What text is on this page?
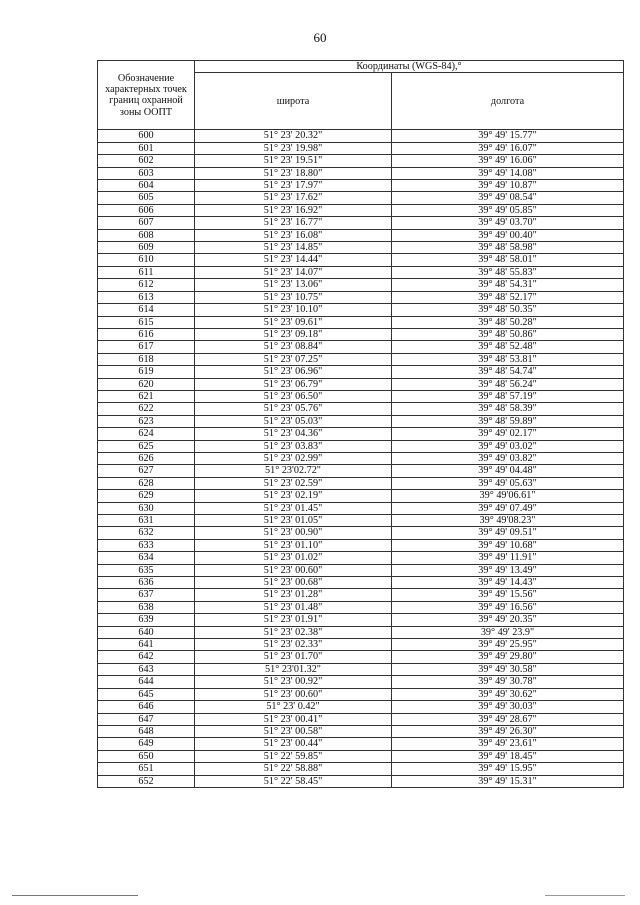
60
Обозначение характерных точек границ охранной зоны ООПТ	Координаты (WGS-84),°	
	широта	долгота
600	51° 23' 20.32"	39° 49' 15.77"
601	51° 23' 19.98"	39° 49' 16.07"
602	51° 23' 19.51"	39° 49' 16.06"
603	51° 23' 18.80"	39° 49' 14.08"
604	51° 23' 17.97"	39° 49' 10.87"
605	51° 23' 17.62"	39° 49' 08.54"
606	51° 23' 16.92"	39° 49' 05.85"
607	51° 23' 16.77"	39° 49' 03.70"
608	51° 23' 16.08"	39° 49' 00.40"
609	51° 23' 14.85"	39° 48' 58.98"
610	51° 23' 14.44"	39° 48' 58.01"
611	51° 23' 14.07"	39° 48' 55.83"
612	51° 23' 13.06"	39° 48' 54.31"
613	51° 23' 10.75"	39° 48' 52.17"
614	51° 23' 10.10"	39° 48' 50.35"
615	51° 23' 09.61"	39° 48' 50.28"
616	51° 23' 09.18"	39° 48' 50.86"
617	51° 23' 08.84"	39° 48' 52.48"
618	51° 23' 07.25"	39° 48' 53.81"
619	51° 23' 06.96"	39° 48' 54.74"
620	51° 23' 06.79"	39° 48' 56.24"
621	51° 23' 06.50"	39° 48' 57.19"
622	51° 23' 05.76"	39° 48' 58.39"
623	51° 23' 05.03"	39° 48' 59.89"
624	51° 23' 04.36"	39° 49' 02.17"
625	51° 23' 03.83"	39° 49' 03.02"
626	51° 23' 02.99"	39° 49' 03.82"
627	51° 23'02.72"	39° 49' 04.48"
628	51° 23' 02.59"	39° 49' 05.63"
629	51° 23' 02.19"	39° 49'06.61"
630	51° 23' 01.45"	39° 49' 07.49"
631	51° 23' 01.05"	39° 49'08.23"
632	51° 23' 00.90"	39° 49' 09.51"
633	51° 23' 01.10"	39° 49' 10.68"
634	51° 23' 01.02"	39° 49' 11.91"
635	51° 23' 00.60"	39° 49' 13.49"
636	51° 23' 00.68"	39° 49' 14.43"
637	51° 23' 01.28"	39° 49' 15.56"
638	51° 23' 01.48"	39° 49' 16.56"
639	51° 23' 01.91"	39° 49' 20.35"
640	51° 23' 02.38"	39° 49' 23.9"
641	51° 23' 02.33"	39° 49' 25.95"
642	51° 23' 01.70"	39° 49' 29.80"
643	51° 23'01.32"	39° 49' 30.58"
644	51° 23' 00.92"	39° 49' 30.78"
645	51° 23' 00.60"	39° 49' 30.62"
646	51° 23' 0.42"	39° 49' 30.03"
647	51° 23' 00.41"	39° 49' 28.67"
648	51° 23' 00.58"	39° 49' 26.30"
649	51° 23' 00.44"	39° 49' 23.61"
650	51° 22' 59.85"	39° 49' 18.45"
651	51° 22' 58.88"	39° 49' 15.95"
652	51° 22' 58.45"	39° 49' 15.31"
